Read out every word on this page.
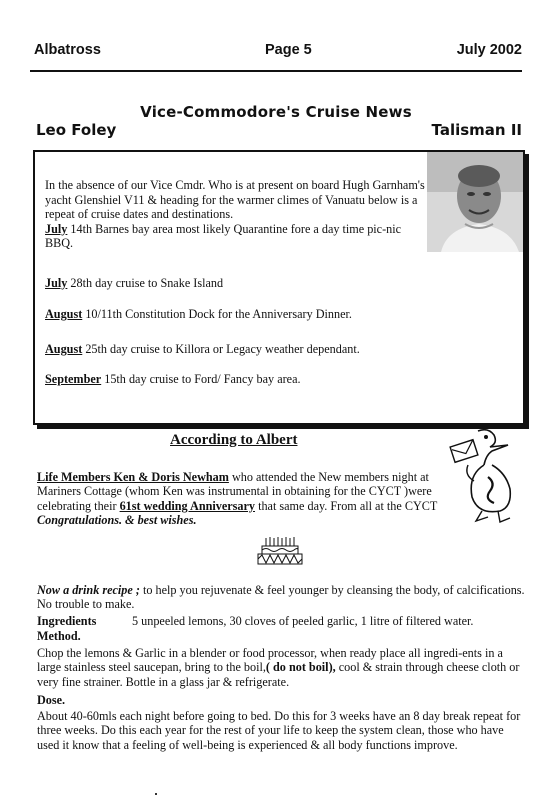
Albatross	Page 5	July 2002
Vice-Commodore's Cruise News
Leo Foley	Talisman II

In the absence of our Vice Cmdr. Who is at present on board Hugh Garnham's yacht Glenshiel V11 & heading for the warmer climes of Vanuatu below is a repeat of cruise dates and destinations.

July 14th Barnes bay area most likely Quarantine fore a day time pic-nic BBQ.

July 28th day cruise to Snake Island
August 10/11th Constitution Dock for the Anniversary Dinner.
August 25th day cruise to Killora or Legacy weather dependant.
September 15th day cruise to Ford/ Fancy bay area.
According to Albert

Life Members Ken & Doris Newham who attended the New members night at Mariners Cottage (whom Ken was instrumental in obtaining for the CYCT )were celebrating their 61st wedding Anniversary that same day. From all at the CYCT Congratulations. & best wishes.

Now a drink recipe ; to help you rejuvenate & feel younger by cleansing the body, of calcifications. No trouble to make.

Ingredients	5 unpeeled lemons, 30 cloves of peeled garlic, 1 litre of filtered water.
Method.

Chop the lemons & Garlic in a blender or food processor, when ready place all ingredi-ents in a large stainless steel saucepan, bring to the boil,( do not boil), cool & strain through cheese cloth or very fine strainer. Bottle in a glass jar & refrigerate.

Dose.

About 40-60mls each night before going to bed. Do this for 3 weeks have an 8 day break repeat for three weeks. Do this each year for the rest of your life to keep the system clean, those who have used it know that a feeling of well-being is experienced & all body functions improve.
